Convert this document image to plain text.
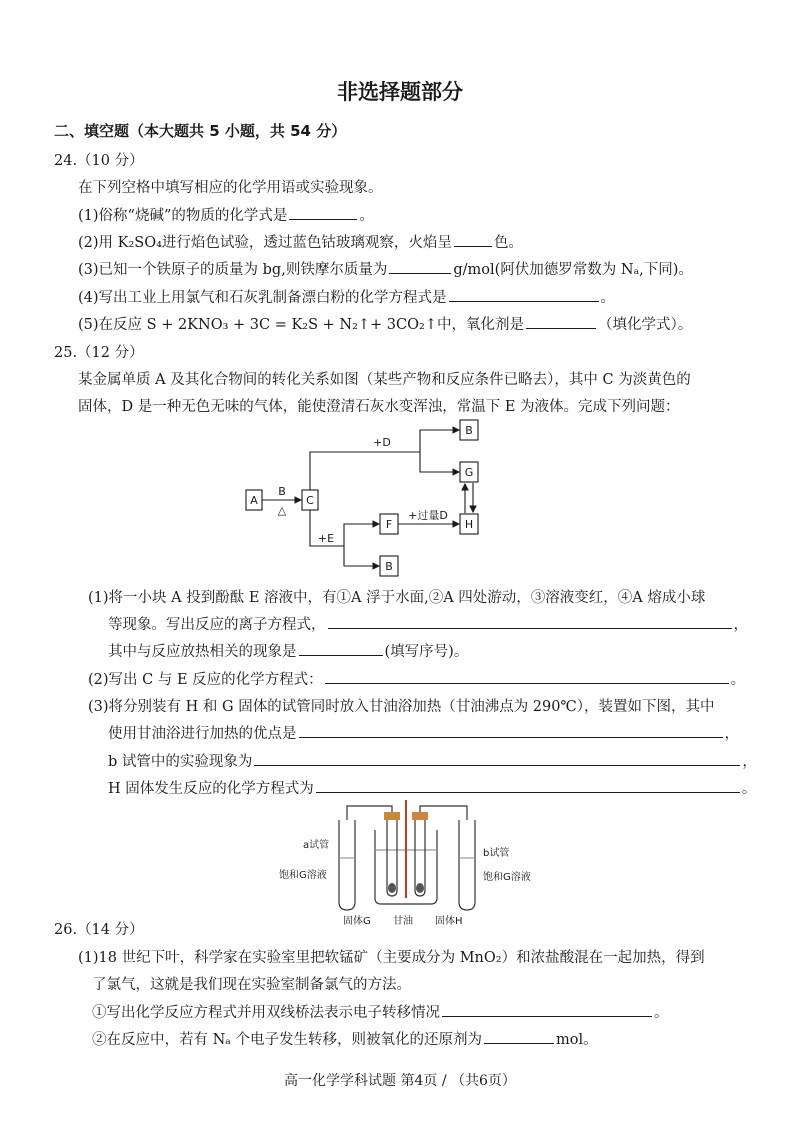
非选择题部分
二、填空题（本大题共 5 小题，共 54 分）
24.（10 分）
在下列空格中填写相应的化学用语或实验现象。
(1)俗称“烧碱”的物质的化学式是	。
(2)用 K₂SO₄进行焰色试验，透过蓝色钴玻璃观察，火焰呈	色。
(3)已知一个铁原子的质量为 bg,则铁摩尔质量为	g/mol(阿伏加德罗常数为 Nₐ,下同)。
(4)写出工业上用氯气和石灰乳制备漂白粉的化学方程式是	。
(5)在反应 S + 2KNO₃ + 3C = K₂S + N₂↑+ 3CO₂↑中，氧化剂是	（填化学式）。
25.（12 分）
某金属单质 A 及其化合物间的转化关系如图（某些产物和反应条件已略去），其中 C 为淡黄色的
固体，D 是一种无色无味的气体，能使澄清石灰水变浑浊，常温下 E 为液体。完成下列问题：
A	C
B
G
F	H
B
B
△
+D
+E
+过量D
(1)将一小块 A 投到酚酞 E 溶液中，有①A 浮于水面,②A 四处游动，③溶液变红，④A 熔成小球
等现象。写出反应的离子方程式，	，
其中与反应放热相关的现象是	(填写序号)。
(2)写出 C 与 E 反应的化学方程式：	。
(3)将分别装有 H 和 G 固体的试管同时放入甘油浴加热（甘油沸点为 290℃），装置如下图，其中
使用甘油浴进行加热的优点是	，
b 试管中的实验现象为	，
H 固体发生反应的化学方程式为	。
a试管
饱和G溶液
b试管
饱和G溶液
固体G 甘油 固体H
26.（14 分）
(1)18 世纪下叶，科学家在实验室里把软锰矿（主要成分为 MnO₂）和浓盐酸混在一起加热，得到
了氯气，这就是我们现在实验室制备氯气的方法。
①写出化学反应方程式并用双线桥法表示电子转移情况	。
②在反应中，若有 Nₐ 个电子发生转移，则被氧化的还原剂为	mol。
高一化学学科试题 第4页 / （共6页）
